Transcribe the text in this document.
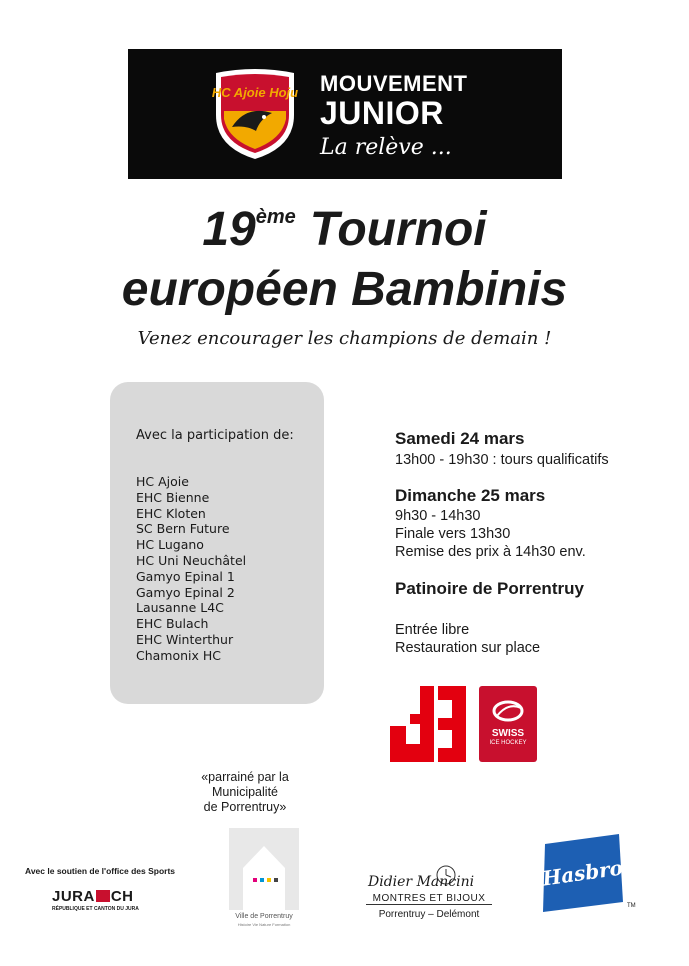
HC Ajoie Hoju MOUVEMENT
JUNIOR
La relève ...
19ème Tournoi
européen Bambinis
Venez encourager les champions de demain !
Avec la participation de:
HC Ajoie
EHC Bienne
EHC Kloten
SC Bern Future
HC Lugano
HC Uni Neuchâtel
Gamyo Epinal 1
Gamyo Epinal 2
Lausanne L4C
EHC Bulach
EHC Winterthur
Chamonix HC
Samedi 24 mars
13h00 - 19h30 : tours qualificatifs
Dimanche 25 mars
9h30 - 14h30
Finale vers 13h30
Remise des prix à 14h30 env.
Patinoire de Porrentruy
Entrée libre
Restauration sur place
SWISS
ICE HOCKEY
«parrainé par la
Municipalité
de Porrentruy»
Ville de Porrentruy
Histoire Vie Nature Formation
Avec le soutien de l'office des Sports
JURA CH
RÉPUBLIQUE ET CANTON DU JURA
Didier Mancini
MONTRES ET BIJOUX
Porrentruy – Delémont
Hasbro
TM
